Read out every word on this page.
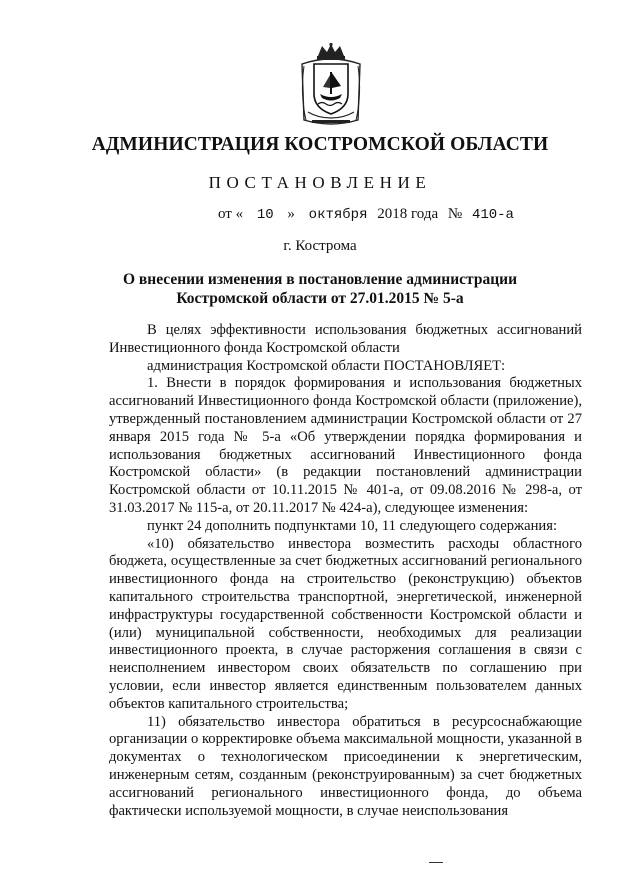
АДМИНИСТРАЦИЯ КОСТРОМСКОЙ ОБЛАСТИ
ПОСТАНОВЛЕНИЕ
от « 10 » октября 2018 года № 410-а
г. Кострома
О внесении изменения в постановление администрации
Костромской области от 27.01.2015 № 5-а

В целях эффективности использования бюджетных ассигнований Инвестиционного фонда Костромской области

администрация Костромской области ПОСТАНОВЛЯЕТ:

1. Внести в порядок формирования и использования бюджетных ассигнований Инвестиционного фонда Костромской области (приложение), утвержденный постановлением администрации Костромской области от 27 января 2015 года № 5-а «Об утверждении порядка формирования и использования бюджетных ассигнований Инвестиционного фонда Костромской области» (в редакции постановлений администрации Костромской области от 10.11.2015 № 401-а, от 09.08.2016 № 298-а, от 31.03.2017 № 115-а, от 20.11.2017 № 424-а), следующее изменения:

пункт 24 дополнить подпунктами 10, 11 следующего содержания:

«10) обязательство инвестора возместить расходы областного бюджета, осуществленные за счет бюджетных ассигнований регионального инвестиционного фонда на строительство (реконструкцию) объектов капитального строительства транспортной, энергетической, инженерной инфраструктуры государственной собственности Костромской области и (или) муниципальной собственности, необходимых для реализации инвестиционного проекта, в случае расторжения соглашения в связи с неисполнением инвестором своих обязательств по соглашению при условии, если инвестор является единственным пользователем данных объектов капитального строительства;

11) обязательство инвестора обратиться в ресурсоснабжающие организации о корректировке объема максимальной мощности, указанной в документах о технологическом присоединении к энергетическим, инженерным сетям, созданным (реконструированным) за счет бюджетных ассигнований регионального инвестиционного фонда, до объема фактически используемой мощности, в случае неиспользования
